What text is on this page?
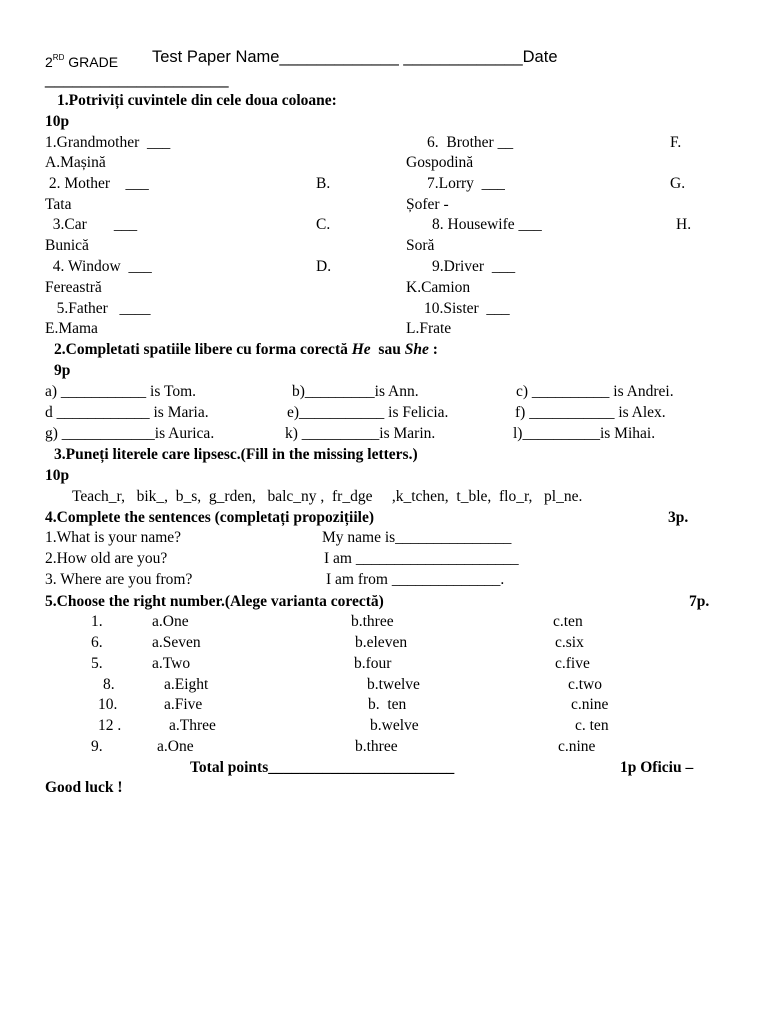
2RD GRADE Test Paper Name_____________ _____________Date
____________________
1.Potriviți cuvintele din cele doua coloane:
10p
1.Grandmother  ___	6.  Brother __	F.
A.Mașină	Gospodină
2. Mother    ___	B.	7.Lorry  ___	G.
Tata	Șofer -
3.Car       ___	C.	8. Housewife ___	H.
Bunică	Soră
4. Window  ___	D.	9.Driver  ___
Fereastră	K.Camion
5.Father   ____	10.Sister  ___
E.Mama	L.Frate
2.Completati spatiile libere cu forma corectă He  sau She :
9p
a) ___________ is Tom.	b)_________is Ann.	c) __________ is Andrei.
d ____________ is Maria.	e)___________ is Felicia.	f) ___________ is Alex.
g) ____________is Aurica.	k) __________is Marin.	l)__________is Mihai.
3.Puneți literele care lipsesc.(Fill in the missing letters.)
10p
Teach_r,   bik_,  b_s,  g_rden,   balc_ny ,  fr_dge     ,k_tchen,  t_ble,  flo_r,   pl_ne.
4.Complete the sentences (completați propozițiile)	3p.
1.What is your name?	My name is_______________
2.How old are you?	I am _____________________
3. Where are you from?	I am from ______________.
5.Choose the right number.(Alege varianta corectă)	7p.
1.	a.One	b.three	c.ten
6.	a.Seven	b.eleven	c.six
5.	a.Two	b.four	c.five
8.	a.Eight	b.twelve	c.two
10.	a.Five	b.  ten	c.nine
12 .	a.Three	b.welve	c. ten
9.	a.One	b.three	c.nine
Total points________________________	1p Oficiu –
Good luck !
